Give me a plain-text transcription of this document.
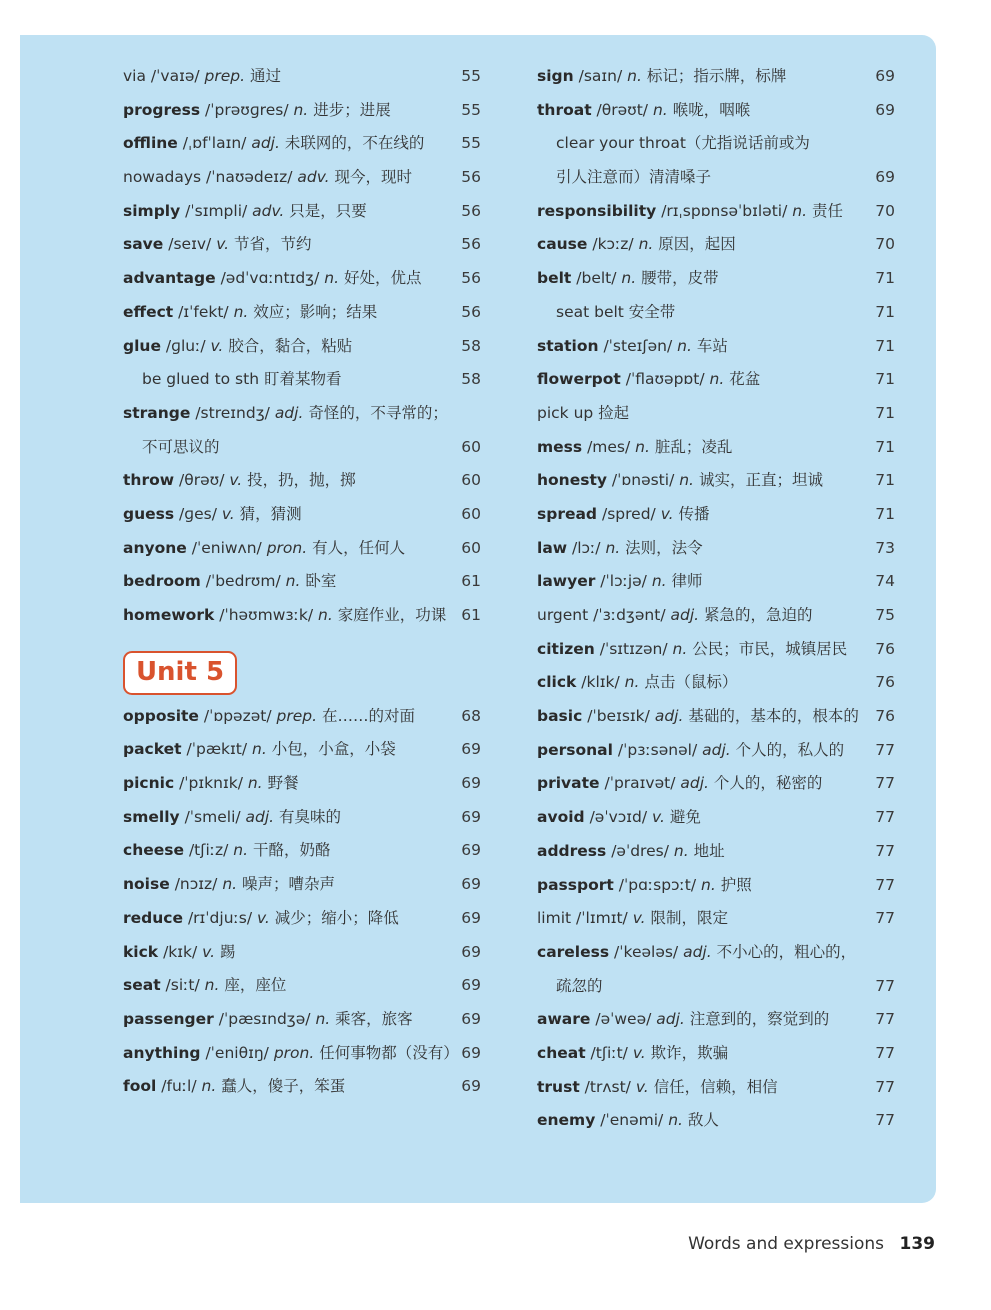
via /ˈvaɪə/ prep. 通过	55
progress /ˈprəʊɡres/ n. 进步；进展	55
offline /ˌɒfˈlaɪn/ adj. 未联网的，不在线的 55
nowadays /ˈnaʊədeɪz/ adv. 现今，现时	56
simply /ˈsɪmpli/ adv. 只是，只要	56
save /seɪv/ v. 节省，节约	56
advantage /ədˈvɑːntɪdʒ/ n. 好处，优点	56
effect /ɪˈfekt/ n. 效应；影响；结果	56
glue /ɡluː/ v. 胶合，黏合，粘贴	58
be glued to sth 盯着某物看	58
strange /streɪndʒ/ adj. 奇怪的，不寻常的；
不可思议的	60
throw /θrəʊ/ v. 投，扔，抛，掷	60
guess /ɡes/ v. 猜，猜测	60
anyone /ˈeniwʌn/ pron. 有人，任何人	60
bedroom /ˈbedrʊm/ n. 卧室	61
homework /ˈhəʊmwɜːk/ n. 家庭作业，功课 61
Unit 5
opposite /ˈɒpəzət/ prep. 在……的对面	68
packet /ˈpækɪt/ n. 小包，小盒，小袋	69
picnic /ˈpɪknɪk/ n. 野餐	69
smelly /ˈsmeli/ adj. 有臭味的	69
cheese /tʃiːz/ n. 干酪，奶酪	69
noise /nɔɪz/ n. 噪声；嘈杂声	69
reduce /rɪˈdjuːs/ v. 减少；缩小；降低	69
kick /kɪk/ v. 踢	69
seat /siːt/ n. 座，座位	69
passenger /ˈpæsɪndʒə/ n. 乘客，旅客	69
anything /ˈeniθɪŋ/ pron. 任何事物都（没有） 69
fool /fuːl/ n. 蠢人，傻子，笨蛋	69
sign /saɪn/ n. 标记；指示牌，标牌	69
throat /θrəʊt/ n. 喉咙，咽喉	69
clear your throat（尤指说话前或为
引人注意而）清清嗓子	69
responsibility /rɪˌspɒnsəˈbɪləti/ n. 责任 70
cause /kɔːz/ n. 原因，起因	70
belt /belt/ n. 腰带，皮带	71
seat belt 安全带	71
station /ˈsteɪʃən/ n. 车站	71
flowerpot /ˈflaʊəpɒt/ n. 花盆	71
pick up 捡起	71
mess /mes/ n. 脏乱；凌乱	71
honesty /ˈɒnəsti/ n. 诚实，正直；坦诚	71
spread /spred/ v. 传播	71
law /lɔː/ n. 法则，法令	73
lawyer /ˈlɔːjə/ n. 律师	74
urgent /ˈɜːdʒənt/ adj. 紧急的，急迫的	75
citizen /ˈsɪtɪzən/ n. 公民；市民，城镇居民 76
click /klɪk/ n. 点击（鼠标）	76
basic /ˈbeɪsɪk/ adj. 基础的，基本的，根本的 76
personal /ˈpɜːsənəl/ adj. 个人的，私人的 77
private /ˈpraɪvət/ adj. 个人的，秘密的	77
avoid /əˈvɔɪd/ v. 避免	77
address /əˈdres/ n. 地址	77
passport /ˈpɑːspɔːt/ n. 护照	77
limit /ˈlɪmɪt/ v. 限制，限定	77
careless /ˈkeələs/ adj. 不小心的，粗心的，
疏忽的	77
aware /əˈweə/ adj. 注意到的，察觉到的	77
cheat /tʃiːt/ v. 欺诈，欺骗	77
trust /trʌst/ v. 信任，信赖，相信	77
enemy /ˈenəmi/ n. 敌人	77
Words and expressions 139
